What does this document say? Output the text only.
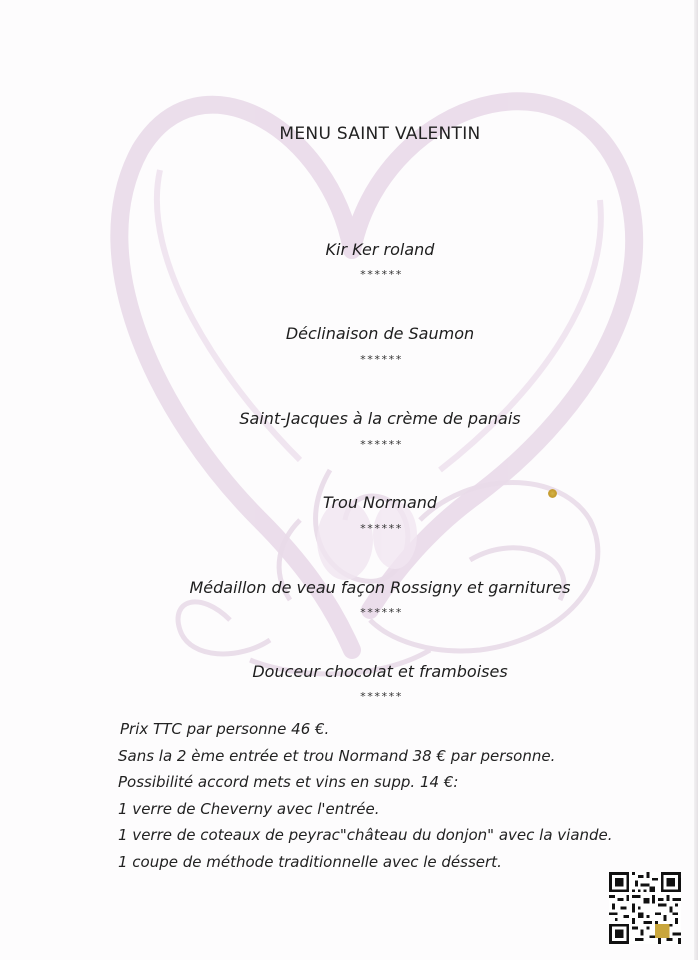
MENU SAINT VALENTIN
Kir Ker roland
******
Déclinaison de Saumon
******
Saint-Jacques à la crème de panais
******
Trou Normand
******
Médaillon de veau façon Rossigny et garnitures
******
Douceur chocolat et framboises
******
Prix TTC par personne 46 €.
Sans la 2 ème entrée et trou Normand 38 € par personne.
Possibilité accord mets et vins en supp. 14 €:
1 verre de Cheverny avec l'entrée.
1 verre de coteaux de peyrac"château du donjon" avec la viande.
1 coupe de méthode traditionnelle avec le déssert.
